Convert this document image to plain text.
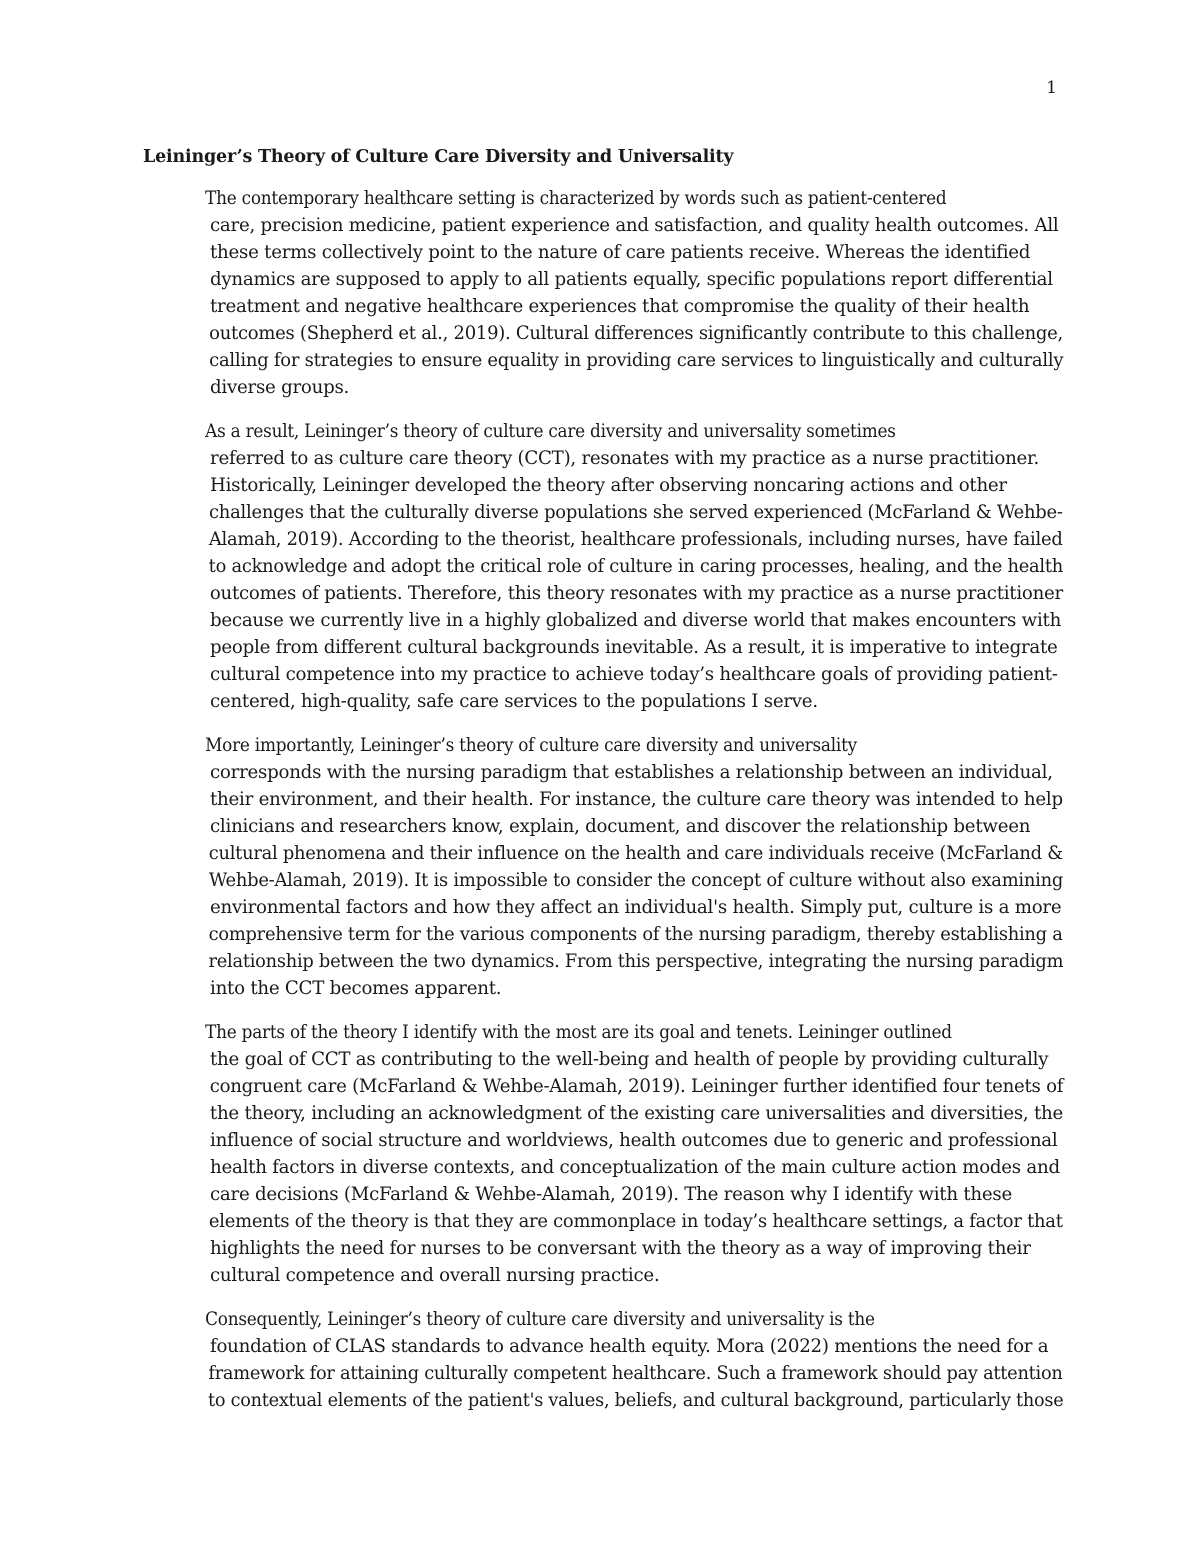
1
Leininger’s Theory of Culture Care Diversity and Universality

The contemporary healthcare setting is characterized by words such as patient-centered
care, precision medicine, patient experience and satisfaction, and quality health outcomes. All
these terms collectively point to the nature of care patients receive. Whereas the identified
dynamics are supposed to apply to all patients equally, specific populations report differential
treatment and negative healthcare experiences that compromise the quality of their health
outcomes (Shepherd et al., 2019). Cultural differences significantly contribute to this challenge,
calling for strategies to ensure equality in providing care services to linguistically and culturally
diverse groups.

As a result, Leininger’s theory of culture care diversity and universality sometimes
referred to as culture care theory (CCT), resonates with my practice as a nurse practitioner.
Historically, Leininger developed the theory after observing noncaring actions and other
challenges that the culturally diverse populations she served experienced (McFarland & Wehbe-
Alamah, 2019). According to the theorist, healthcare professionals, including nurses, have failed
to acknowledge and adopt the critical role of culture in caring processes, healing, and the health
outcomes of patients. Therefore, this theory resonates with my practice as a nurse practitioner
because we currently live in a highly globalized and diverse world that makes encounters with
people from different cultural backgrounds inevitable. As a result, it is imperative to integrate
cultural competence into my practice to achieve today’s healthcare goals of providing patient-
centered, high-quality, safe care services to the populations I serve.

More importantly, Leininger’s theory of culture care diversity and universality
corresponds with the nursing paradigm that establishes a relationship between an individual,
their environment, and their health. For instance, the culture care theory was intended to help
clinicians and researchers know, explain, document, and discover the relationship between
cultural phenomena and their influence on the health and care individuals receive (McFarland &
Wehbe-Alamah, 2019). It is impossible to consider the concept of culture without also examining
environmental factors and how they affect an individual's health. Simply put, culture is a more
comprehensive term for the various components of the nursing paradigm, thereby establishing a
relationship between the two dynamics. From this perspective, integrating the nursing paradigm
into the CCT becomes apparent.

The parts of the theory I identify with the most are its goal and tenets. Leininger outlined
the goal of CCT as contributing to the well-being and health of people by providing culturally
congruent care (McFarland & Wehbe-Alamah, 2019). Leininger further identified four tenets of
the theory, including an acknowledgment of the existing care universalities and diversities, the
influence of social structure and worldviews, health outcomes due to generic and professional
health factors in diverse contexts, and conceptualization of the main culture action modes and
care decisions (McFarland & Wehbe-Alamah, 2019). The reason why I identify with these
elements of the theory is that they are commonplace in today’s healthcare settings, a factor that
highlights the need for nurses to be conversant with the theory as a way of improving their
cultural competence and overall nursing practice.

Consequently, Leininger’s theory of culture care diversity and universality is the
foundation of CLAS standards to advance health equity. Mora (2022) mentions the need for a
framework for attaining culturally competent healthcare. Such a framework should pay attention
to contextual elements of the patient's values, beliefs, and cultural background, particularly those
